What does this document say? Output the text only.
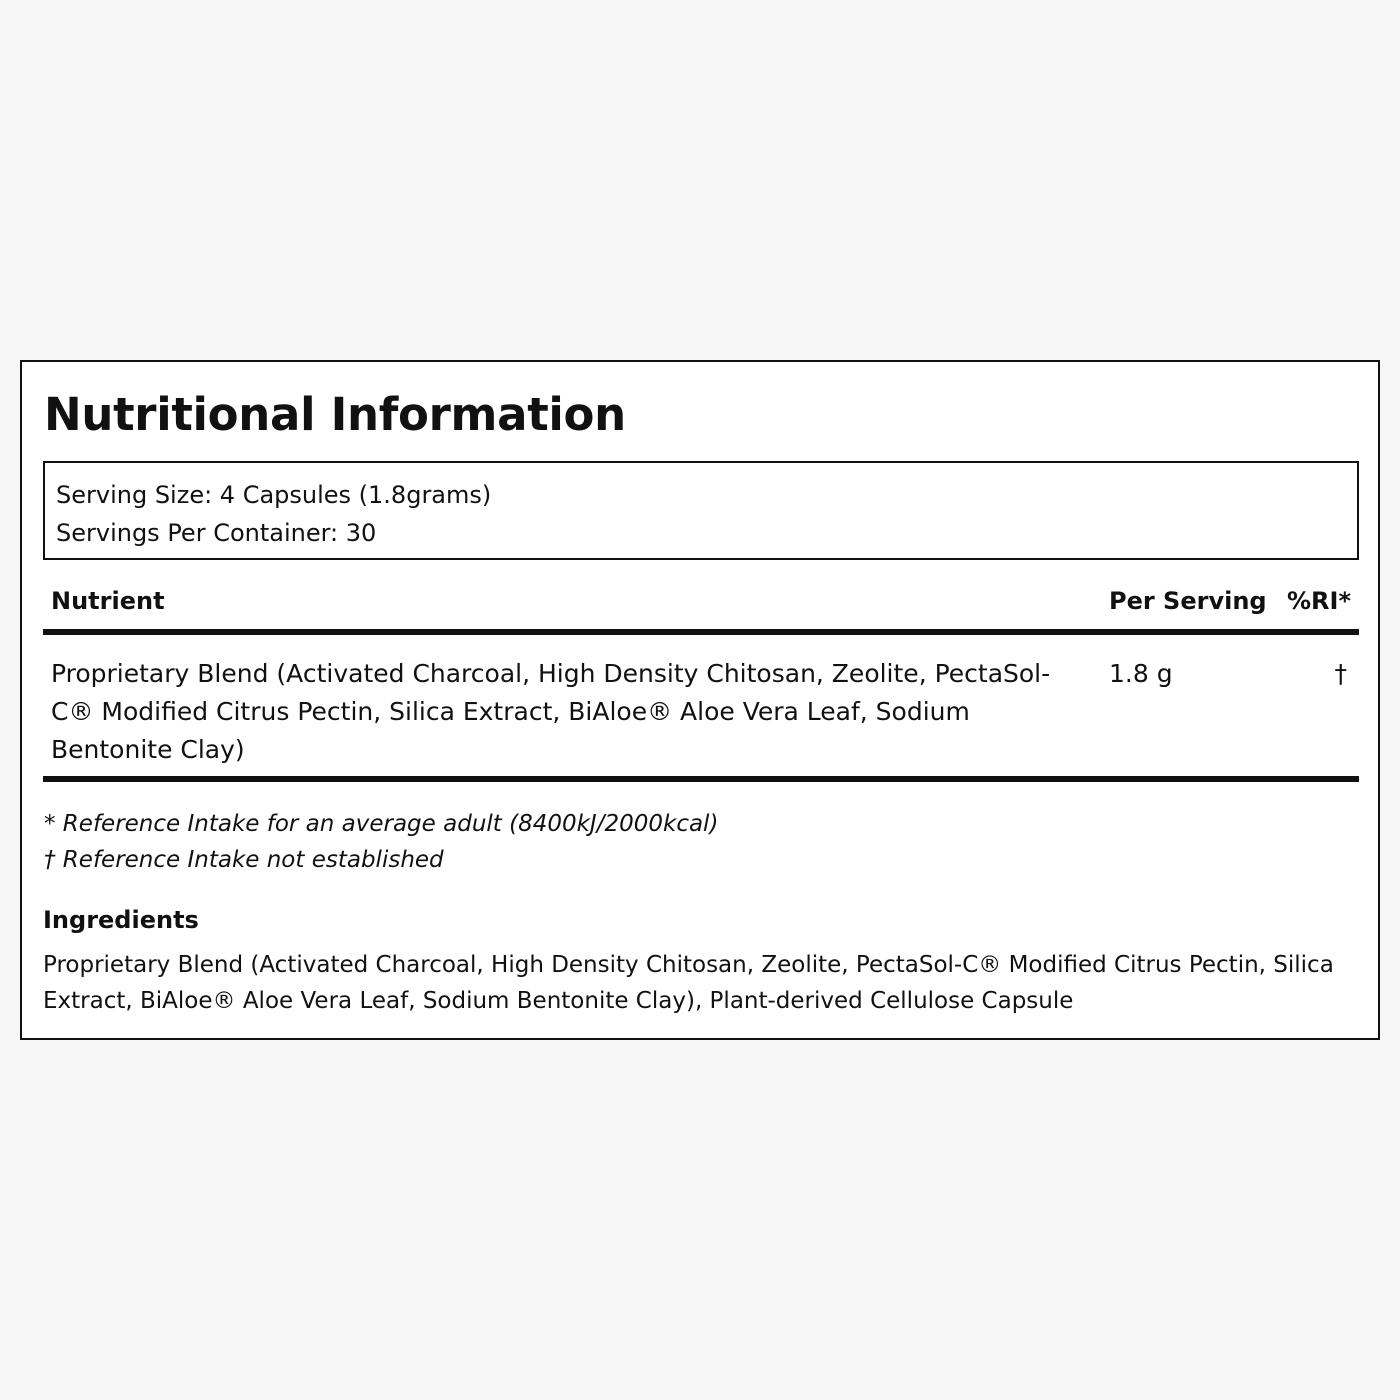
Nutritional Information
Serving Size: 4 Capsules (1.8grams)
Servings Per Container: 30
Nutrient	Per Serving %RI*
Proprietary Blend (Activated Charcoal, High Density Chitosan, Zeolite, PectaSol-C® Modified Citrus Pectin, Silica Extract, BiAloe® Aloe Vera Leaf, Sodium Bentonite Clay)
1.8 g	†
* Reference Intake for an average adult (8400kJ/2000kcal)
† Reference Intake not established
Ingredients

Proprietary Blend (Activated Charcoal, High Density Chitosan, Zeolite, PectaSol-C® Modified Citrus Pectin, Silica Extract, BiAloe® Aloe Vera Leaf, Sodium Bentonite Clay), Plant-derived Cellulose Capsule
